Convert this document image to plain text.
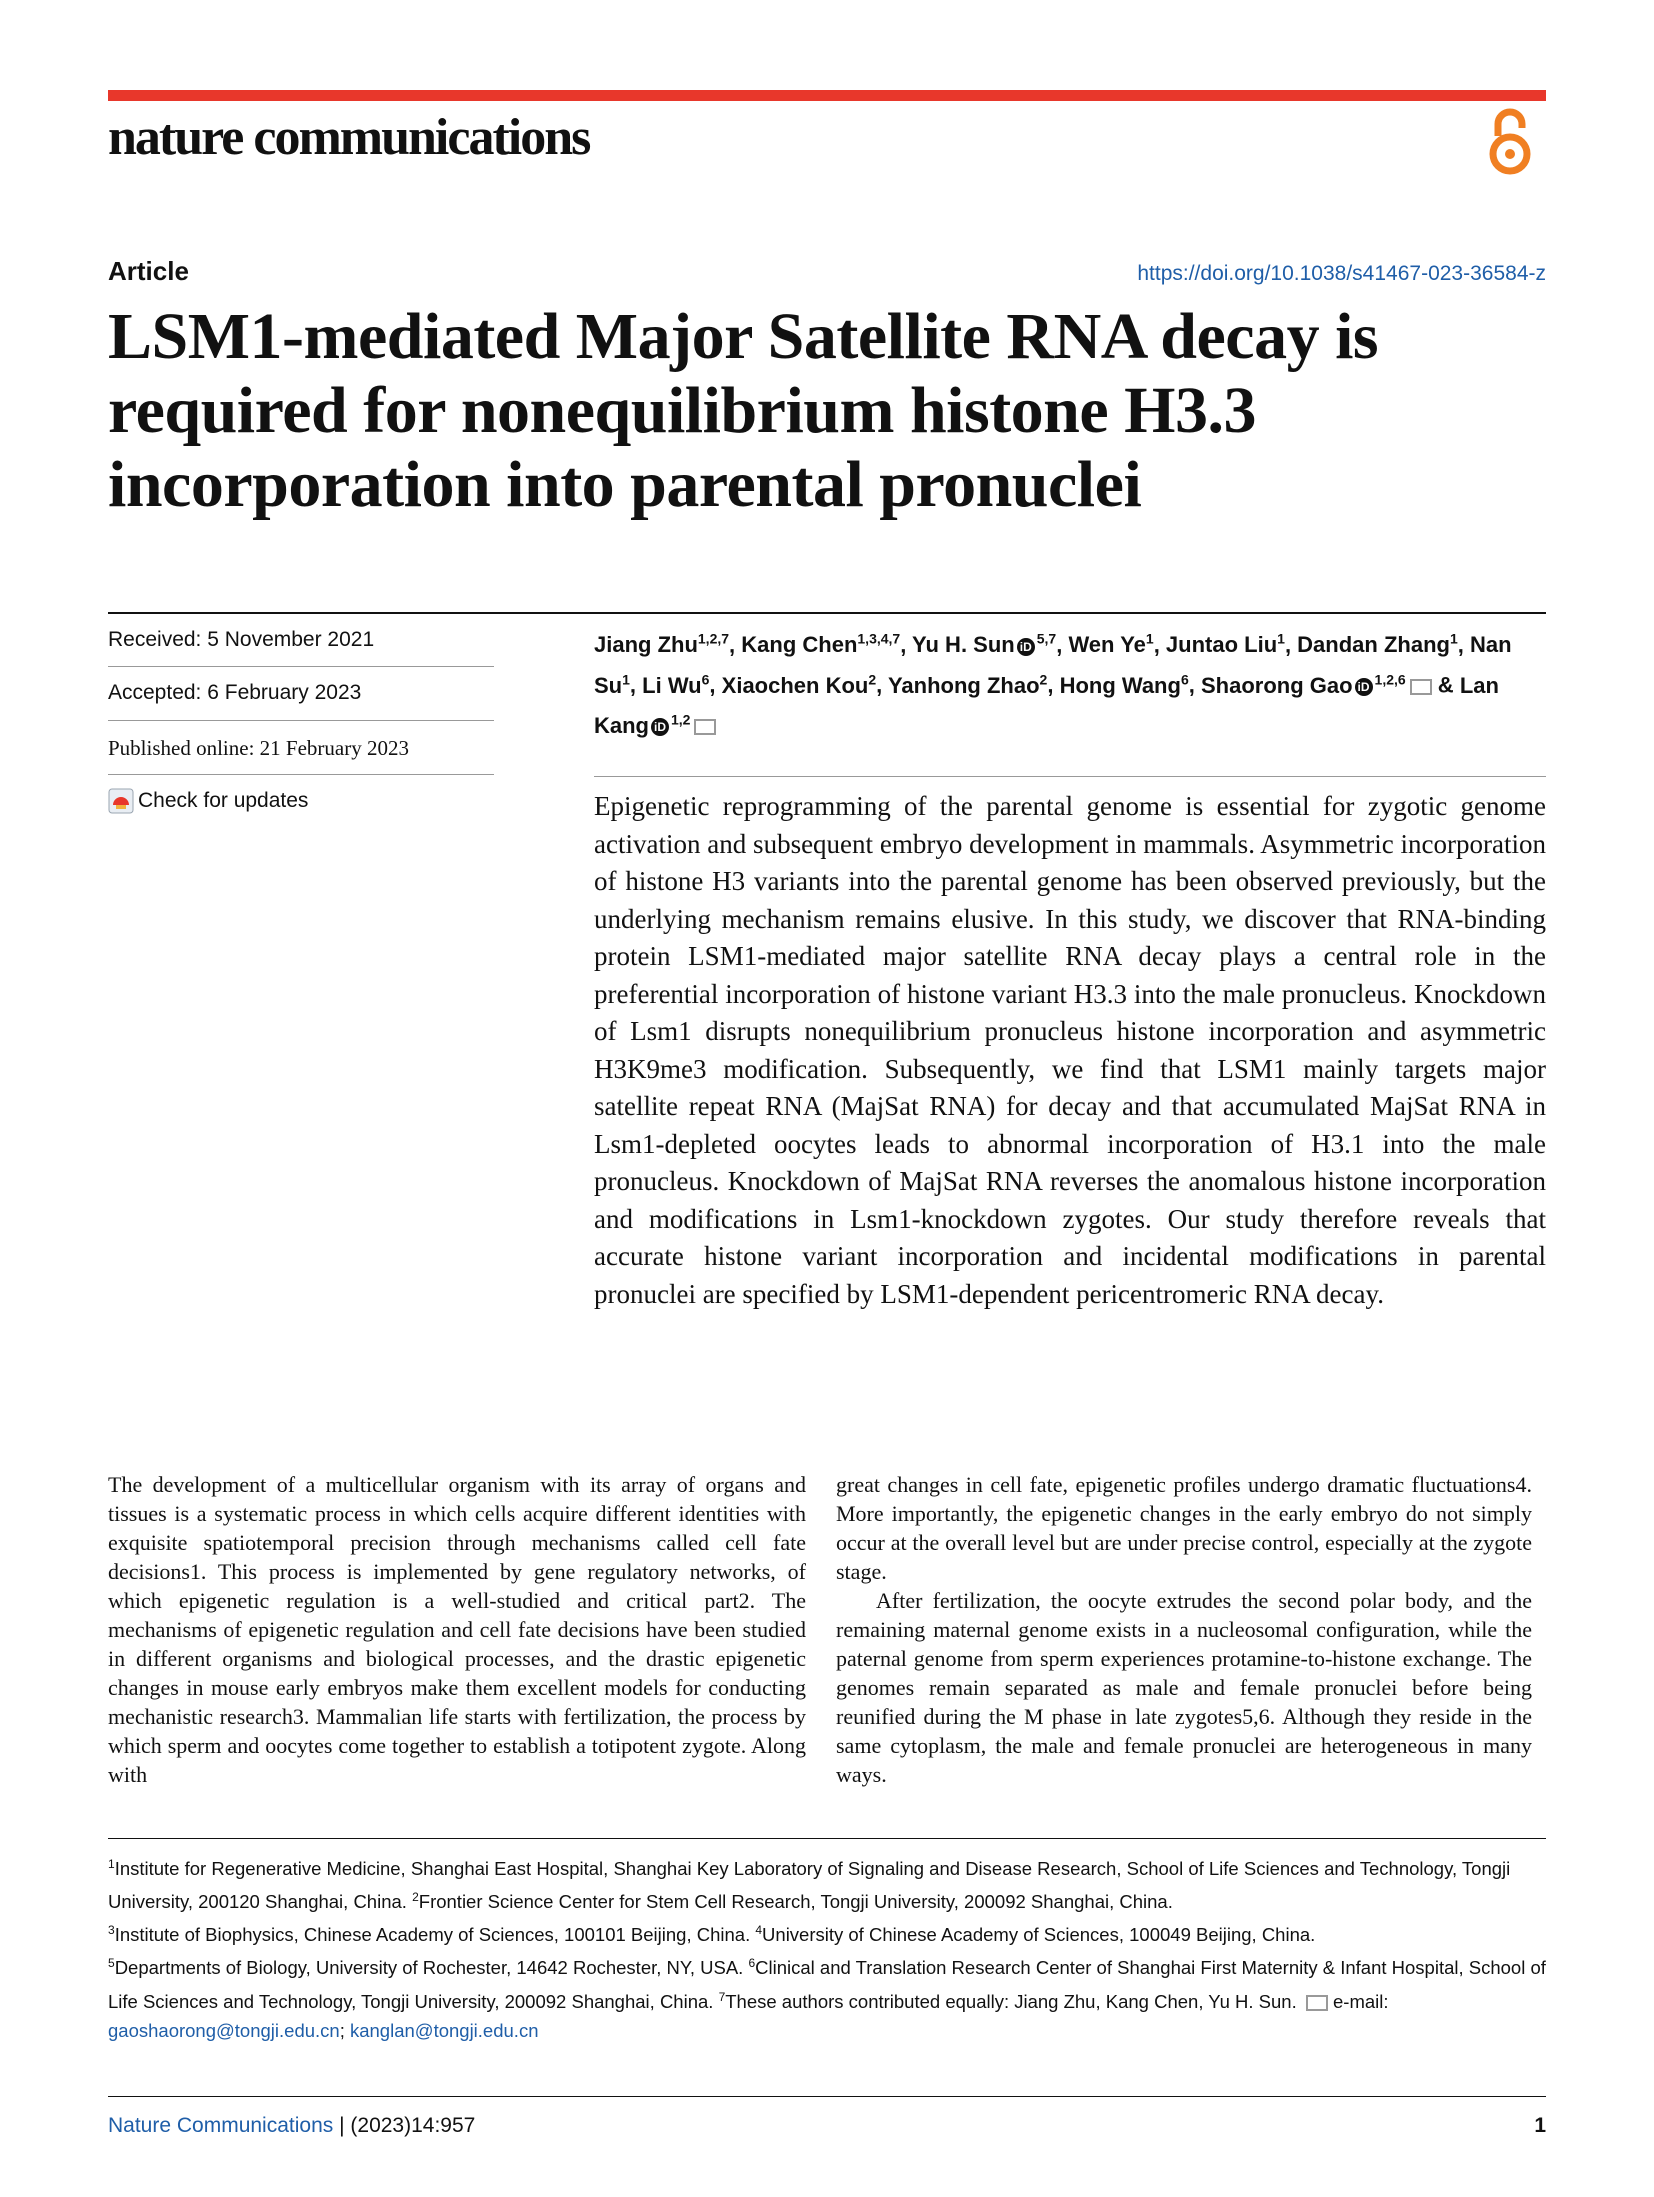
nature communications
Article	https://doi.org/10.1038/s41467-023-36584-z
LSM1-mediated Major Satellite RNA decay is required for nonequilibrium histone H3.3 incorporation into parental pronuclei
Received: 5 November 2021
Accepted: 6 February 2023
Published online: 21 February 2023
Check for updates
Jiang Zhu$^{1,2,7}$, Kang Chen$^{1,3,4,7}$, Yu H. Sun iD $^{5,7}$, Wen Ye$^1$, Juntao Liu$^1$, Dandan Zhang$^1$, Nan Su$^1$, Li Wu$^6$, Xiaochen Kou$^2$, Yanhong Zhao$^2$, Hong Wang$^6$, Shaorong Gao iD $^{1,2,6}$ & Lan Kang iD $^{1,2}$

Epigenetic reprogramming of the parental genome is essential for zygotic genome activation and subsequent embryo development in mammals. Asymmetric incorporation of histone H3 variants into the parental genome has been observed previously, but the underlying mechanism remains elusive. In this study, we discover that RNA-binding protein LSM1-mediated major satellite RNA decay plays a central role in the preferential incorporation of histone variant H3.3 into the male pronucleus. Knockdown of Lsm1 disrupts nonequilibrium pronucleus histone incorporation and asymmetric H3K9me3 modification. Subsequently, we find that LSM1 mainly targets major satellite repeat RNA (MajSat RNA) for decay and that accumulated MajSat RNA in Lsm1-depleted oocytes leads to abnormal incorporation of H3.1 into the male pronucleus. Knockdown of MajSat RNA reverses the anomalous histone incorporation and modifications in Lsm1-knockdown zygotes. Our study therefore reveals that accurate histone variant incorporation and incidental modifications in parental pronuclei are specified by LSM1-dependent pericentromeric RNA decay.

The development of a multicellular organism with its array of organs and tissues is a systematic process in which cells acquire different identities with exquisite spatiotemporal precision through mechanisms called cell fate decisions1. This process is implemented by gene regulatory networks, of which epigenetic regulation is a well-studied and critical part2. The mechanisms of epigenetic regulation and cell fate decisions have been studied in different organisms and biological processes, and the drastic epigenetic changes in mouse early embryos make them excellent models for conducting mechanistic research3. Mammalian life starts with fertilization, the process by which sperm and oocytes come together to establish a totipotent zygote. Along with
great changes in cell fate, epigenetic profiles undergo dramatic fluctuations4. More importantly, the epigenetic changes in the early embryo do not simply occur at the overall level but are under precise control, especially at the zygote stage.
After fertilization, the oocyte extrudes the second polar body, and the remaining maternal genome exists in a nucleosomal configuration, while the paternal genome from sperm experiences protamine-to-histone exchange. The genomes remain separated as male and female pronuclei before being reunified during the M phase in late zygotes5,6. Although they reside in the same cytoplasm, the male and female pronuclei are heterogeneous in many ways.
$^1$Institute for Regenerative Medicine, Shanghai East Hospital, Shanghai Key Laboratory of Signaling and Disease Research, School of Life Sciences and Technology, Tongji University, 200120 Shanghai, China. $^2$Frontier Science Center for Stem Cell Research, Tongji University, 200092 Shanghai, China.
$^3$Institute of Biophysics, Chinese Academy of Sciences, 100101 Beijing, China. $^4$University of Chinese Academy of Sciences, 100049 Beijing, China.
$^5$Departments of Biology, University of Rochester, 14642 Rochester, NY, USA. $^6$Clinical and Translation Research Center of Shanghai First Maternity & Infant Hospital, School of Life Sciences and Technology, Tongji University, 200092 Shanghai, China. $^7$These authors contributed equally: Jiang Zhu, Kang Chen, Yu H. Sun. e-mail: gaoshaorong@tongji.edu.cn; kanglan@tongji.edu.cn
Nature Communications | (2023)14:957	1
